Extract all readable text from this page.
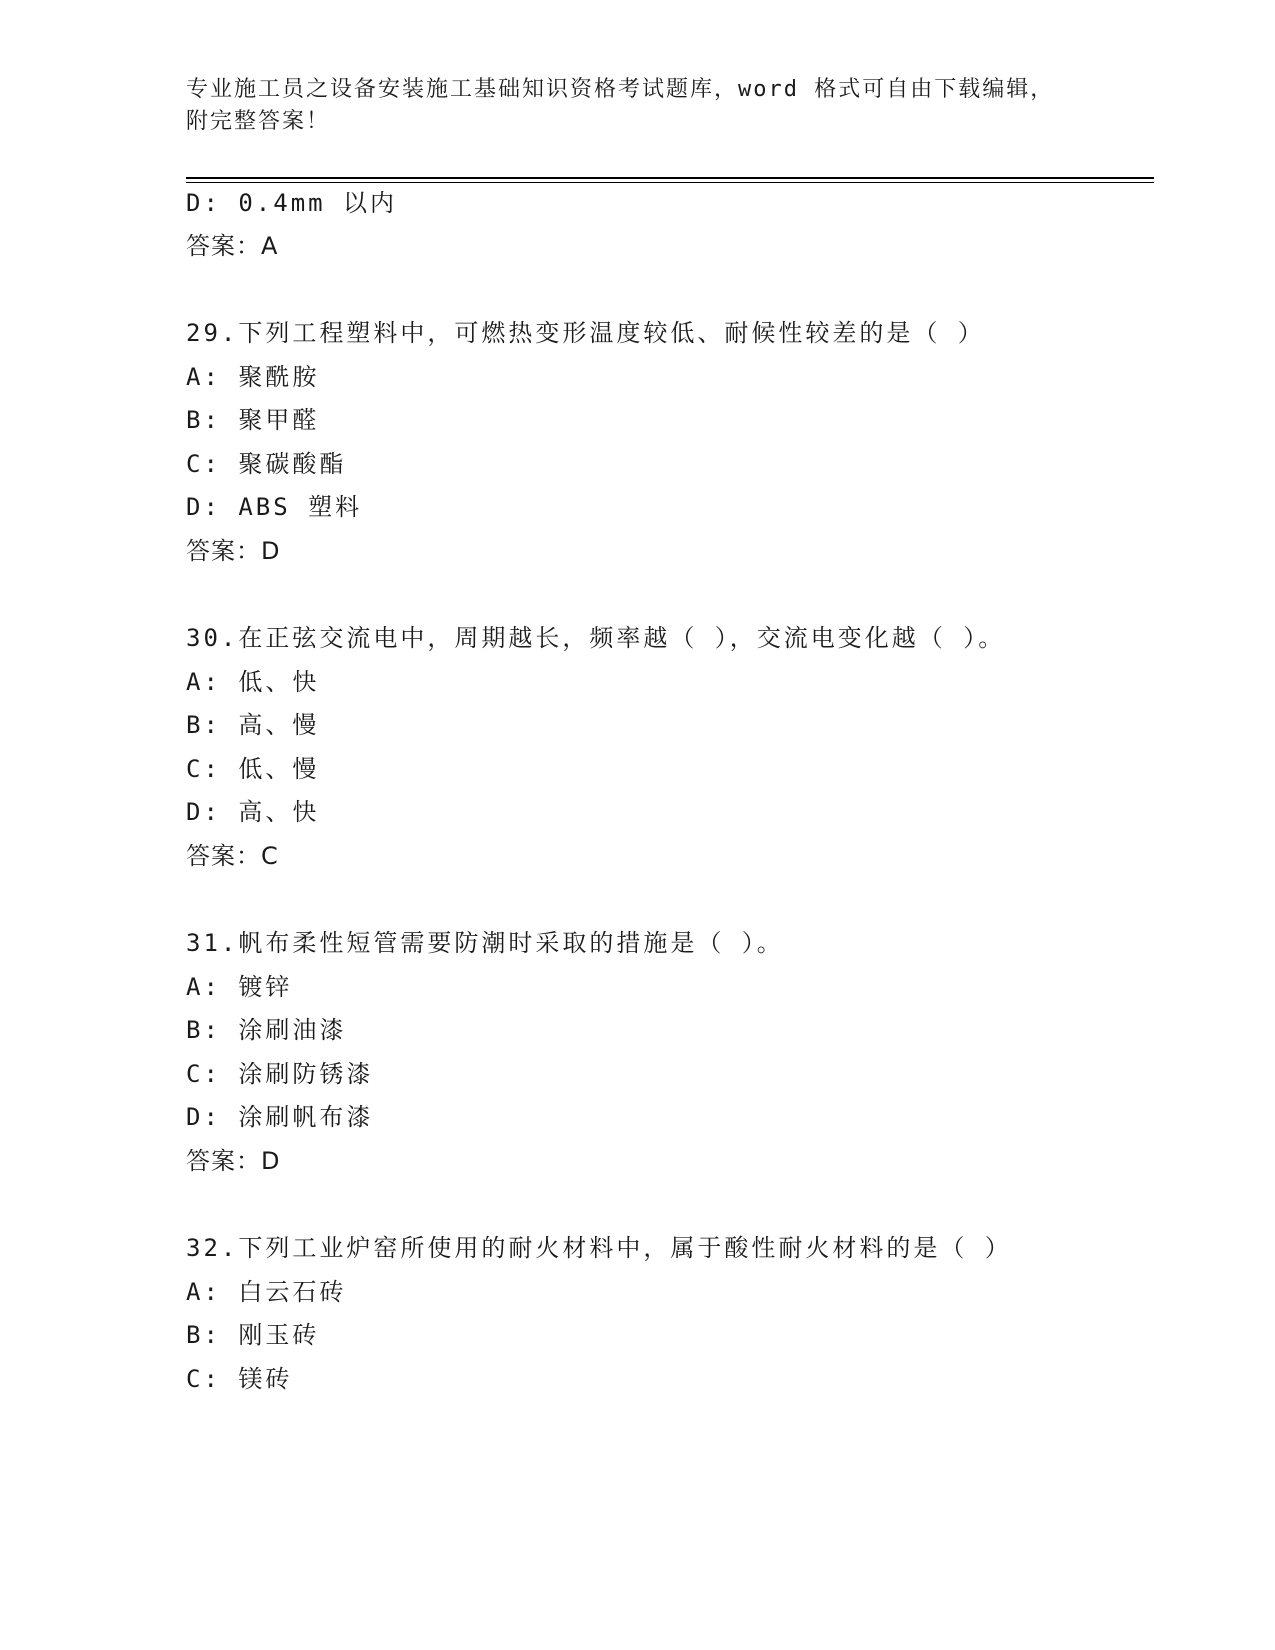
专业施工员之设备安装施工基础知识资格考试题库，word 格式可自由下载编辑，
附完整答案！
D: 0.4mm 以内
答案：A
29.下列工程塑料中，可燃热变形温度较低、耐候性较差的是（ ）
A: 聚酰胺
B: 聚甲醛
C: 聚碳酸酯
D: ABS 塑料
答案：D
30.在正弦交流电中，周期越长，频率越（ ），交流电变化越（ ）。
A: 低、快
B: 高、慢
C: 低、慢
D: 高、快
答案：C
31.帆布柔性短管需要防潮时采取的措施是（ ）。
A: 镀锌
B: 涂刷油漆
C: 涂刷防锈漆
D: 涂刷帆布漆
答案：D
32.下列工业炉窑所使用的耐火材料中，属于酸性耐火材料的是（ ）
A: 白云石砖
B: 刚玉砖
C: 镁砖
